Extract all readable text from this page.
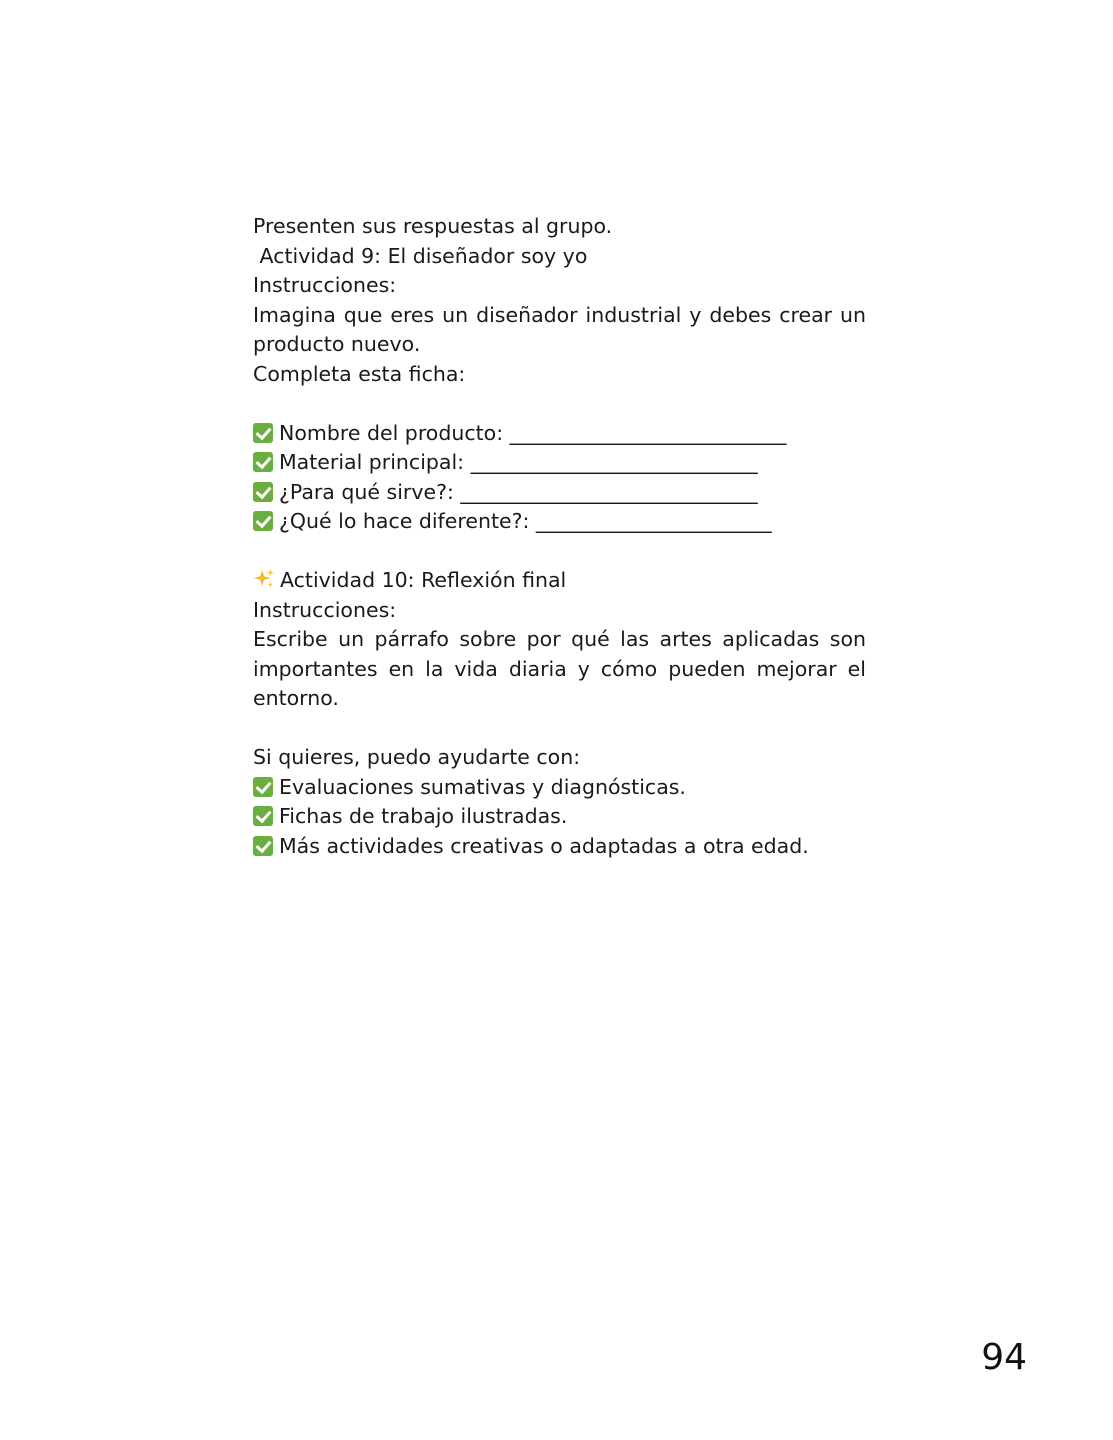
Presenten sus respuestas al grupo.

Actividad 9: El diseñador soy yo

Instrucciones:

Imagina que eres un diseñador industrial y debes crear un producto nuevo.

Completa esta ficha:

Nombre del producto: ___________________________

Material principal: ____________________________

¿Para qué sirve?: _____________________________

¿Qué lo hace diferente?: _______________________

Actividad 10: Reflexión final

Instrucciones:

Escribe un párrafo sobre por qué las artes aplicadas son importantes en la vida diaria y cómo pueden mejorar el entorno.

Si quieres, puedo ayudarte con:

Evaluaciones sumativas y diagnósticas.

Fichas de trabajo ilustradas.

Más actividades creativas o adaptadas a otra edad.

94
